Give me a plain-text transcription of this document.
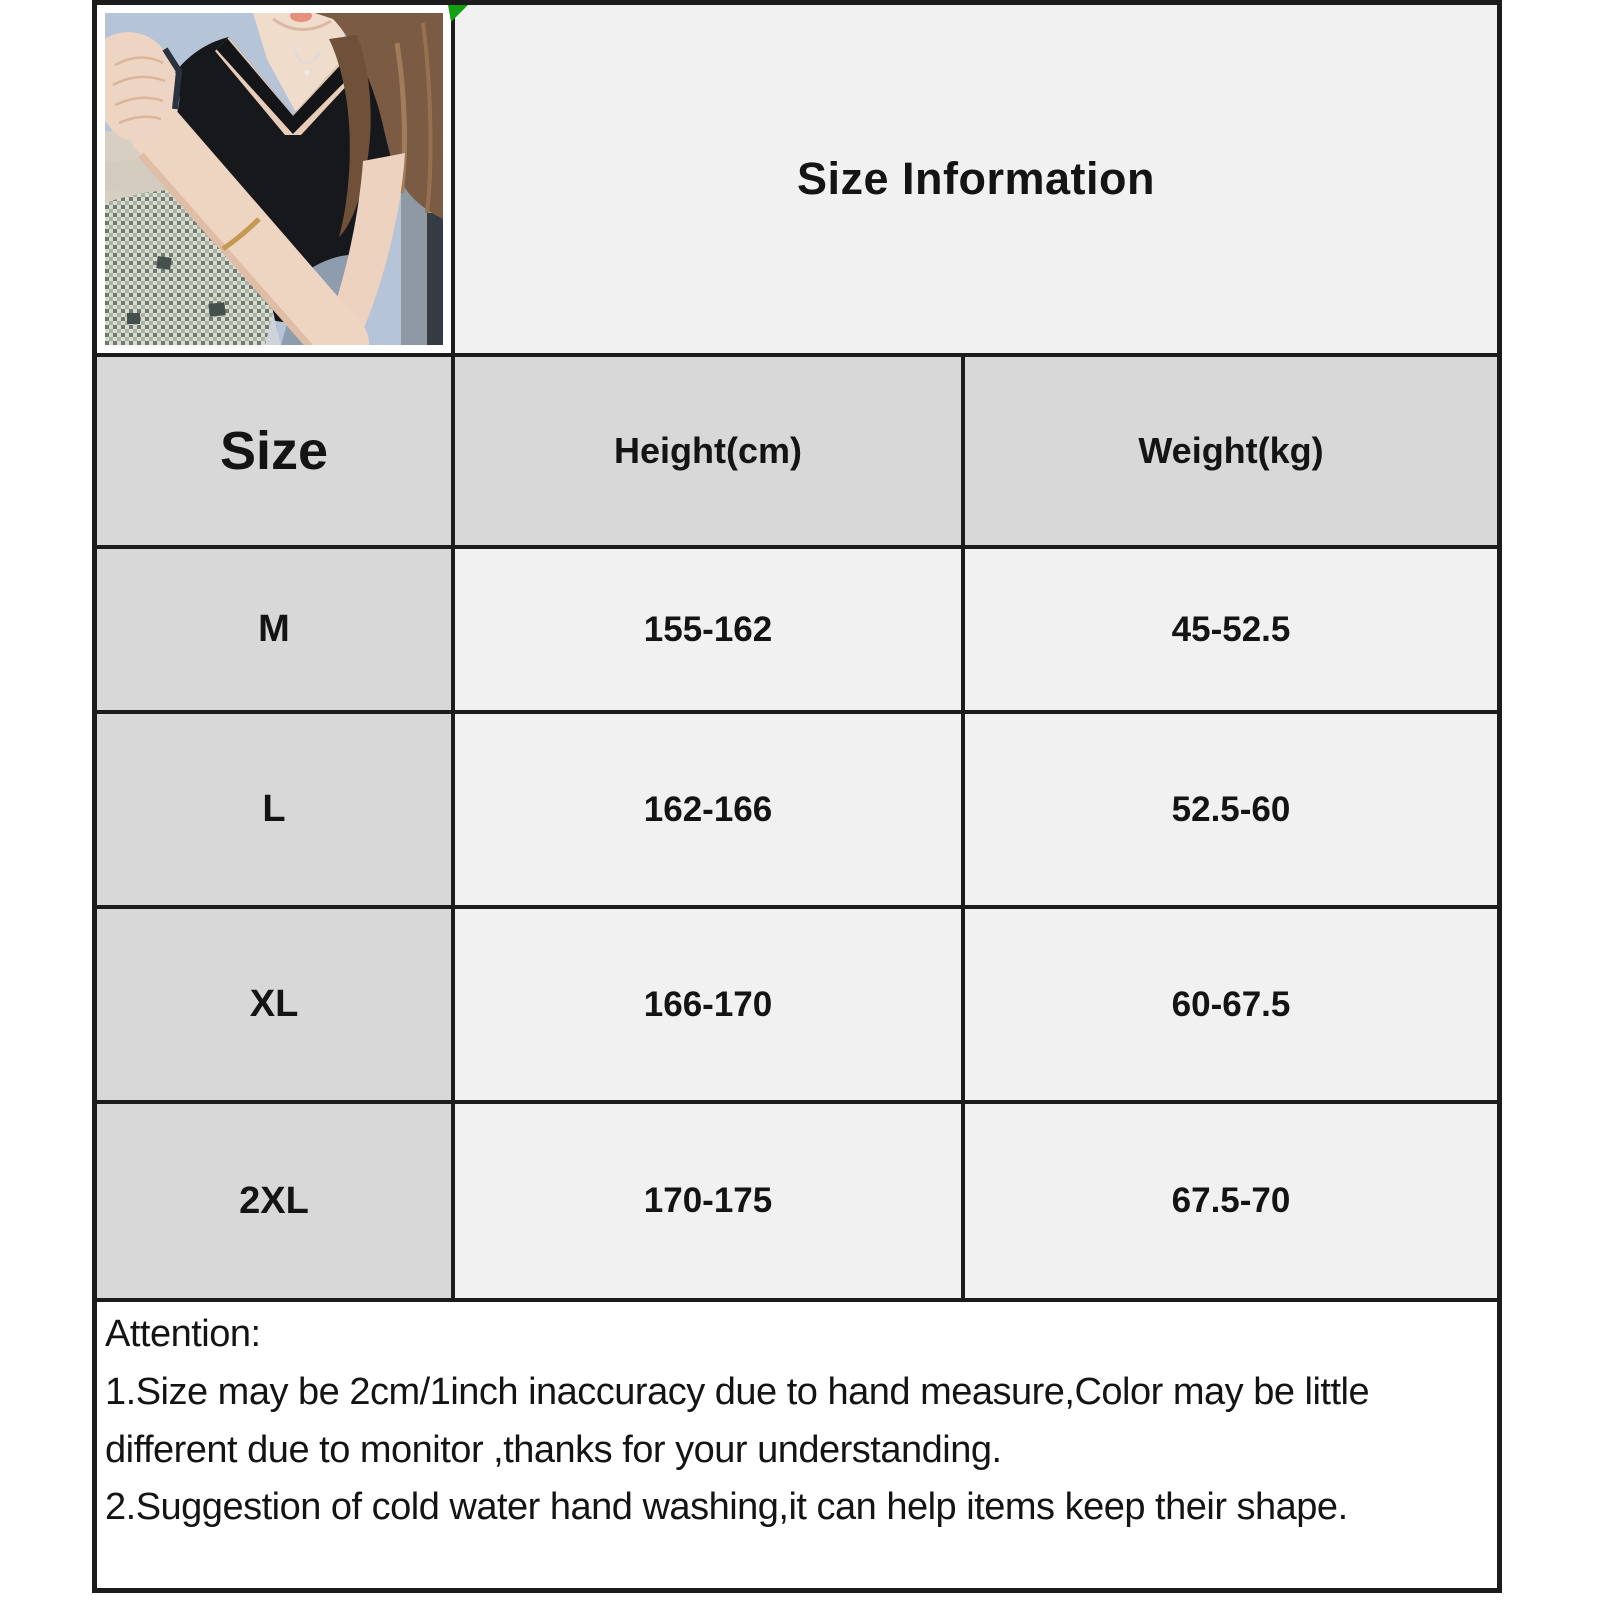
Size Information
Size	Height(cm)	Weight(kg)
M	155-162	45-52.5
L	162-166	52.5-60
XL	166-170	60-67.5
2XL	170-175	67.5-70
Attention:
1.Size may be 2cm/1inch inaccuracy due to hand measure,Color may be little different due to monitor ,thanks for your understanding.
2.Suggestion of cold water hand washing,it can help items keep their shape.
